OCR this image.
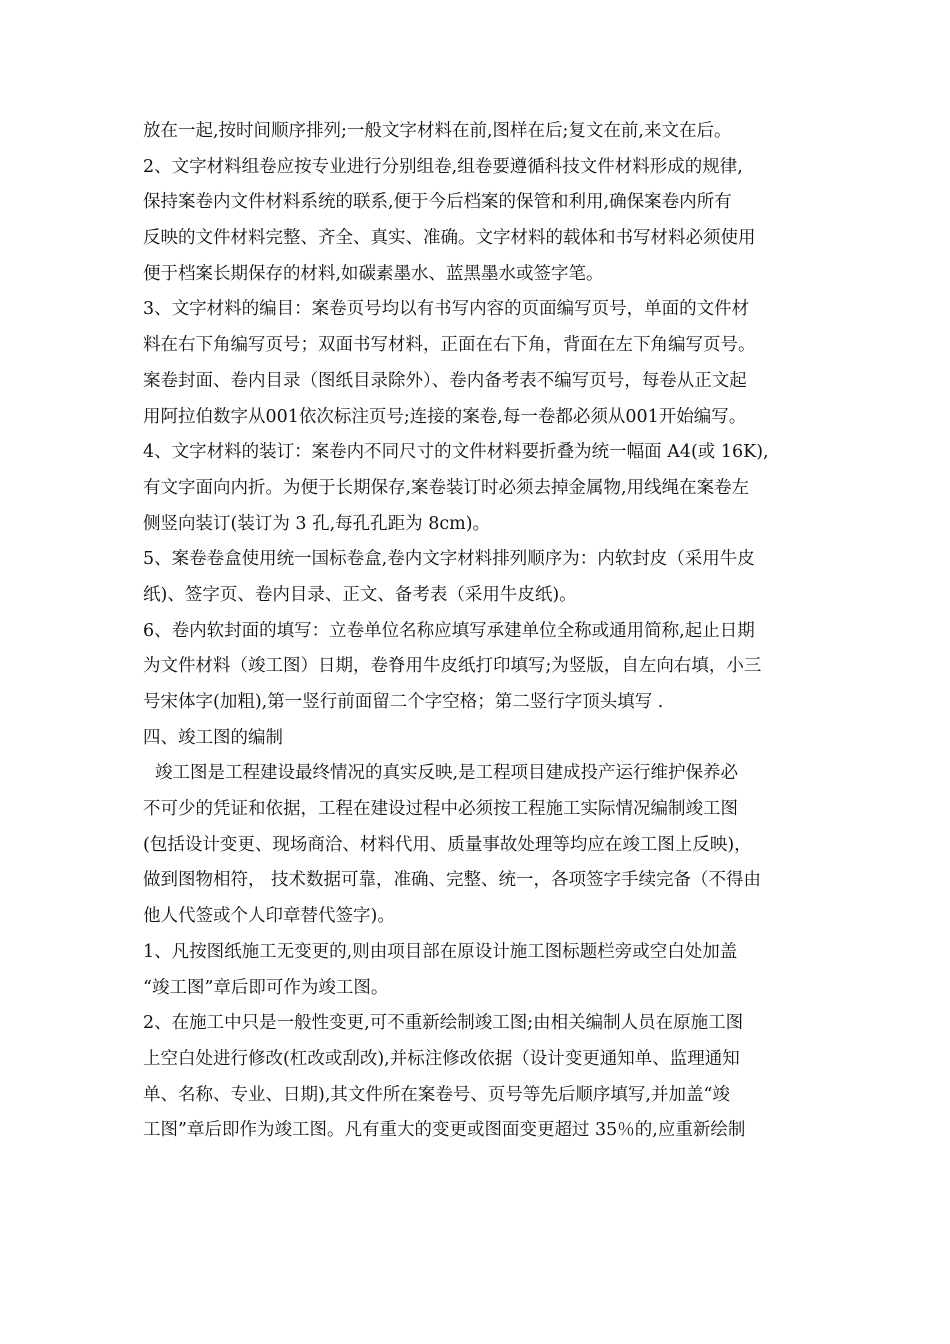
放在一起,按时间顺序排列;一般文字材料在前,图样在后;复文在前,来文在后。
2、文字材料组卷应按专业进行分别组卷,组卷要遵循科技文件材料形成的规律,
保持案卷内文件材料系统的联系,便于今后档案的保管和利用,确保案卷内所有
反映的文件材料完整、齐全、真实、准确。文字材料的载体和书写材料必须使用
便于档案长期保存的材料,如碳素墨水、蓝黑墨水或签字笔。
3、文字材料的编目：案卷页号均以有书写内容的页面编写页号，单面的文件材
料在右下角编写页号；双面书写材料，正面在右下角，背面在左下角编写页号。
案卷封面、卷内目录（图纸目录除外）、卷内备考表不编写页号，每卷从正文起
用阿拉伯数字从001依次标注页号;连接的案卷,每一卷都必须从001开始编写。
4、文字材料的装订：案卷内不同尺寸的文件材料要折叠为统一幅面 A4(或 16K),
有文字面向内折。为便于长期保存,案卷装订时必须去掉金属物,用线绳在案卷左
侧竖向装订(装订为 3 孔,每孔孔距为 8cm)。
5、案卷卷盒使用统一国标卷盒,卷内文字材料排列顺序为：内软封皮（采用牛皮
纸)、签字页、卷内目录、正文、备考表（采用牛皮纸)。
6、卷内软封面的填写：立卷单位名称应填写承建单位全称或通用简称,起止日期
为文件材料（竣工图）日期，卷脊用牛皮纸打印填写;为竖版，自左向右填，小三
号宋体字(加粗),第一竖行前面留二个字空格；第二竖行字顶头填写 .
四、竣工图的编制
竣工图是工程建设最终情况的真实反映,是工程项目建成投产运行维护保养必
不可少的凭证和依据，工程在建设过程中必须按工程施工实际情况编制竣工图
(包括设计变更、现场商洽、材料代用、质量事故处理等均应在竣工图上反映)，
做到图物相符， 技术数据可靠，准确、完整、统一，各项签字手续完备（不得由
他人代签或个人印章替代签字)。
1、凡按图纸施工无变更的,则由项目部在原设计施工图标题栏旁或空白处加盖
“竣工图”章后即可作为竣工图。
2、在施工中只是一般性变更,可不重新绘制竣工图;由相关编制人员在原施工图
上空白处进行修改(杠改或刮改),并标注修改依据（设计变更通知单、监理通知
单、名称、专业、日期),其文件所在案卷号、页号等先后顺序填写,并加盖“竣
工图”章后即作为竣工图。凡有重大的变更或图面变更超过 35％的,应重新绘制
